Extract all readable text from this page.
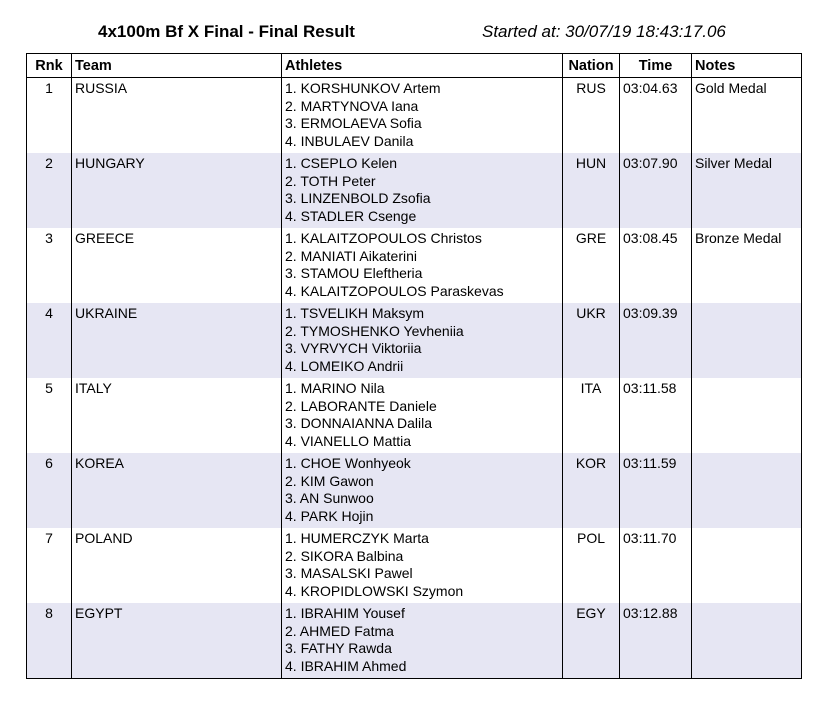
4x100m Bf X Final - Final Result	Started at: 30/07/19 18:43:17.06
Rnk	Team	Athletes	Nation	Time	Notes
1	RUSSIA	1. KORSHUNKOV Artem
2. MARTYNOVA Iana
3. ERMOLAEVA Sofia
4. INBULAEV Danila	RUS	03:04.63	Gold Medal
2	HUNGARY	1. CSEPLO Kelen
2. TOTH Peter
3. LINZENBOLD Zsofia
4. STADLER Csenge	HUN	03:07.90	Silver Medal
3	GREECE	1. KALAITZOPOULOS Christos
2. MANIATI Aikaterini
3. STAMOU Eleftheria
4. KALAITZOPOULOS Paraskevas	GRE	03:08.45	Bronze Medal
4	UKRAINE	1. TSVELIKH Maksym
2. TYMOSHENKO Yevheniia
3. VYRVYCH Viktoriia
4. LOMEIKO Andrii	UKR	03:09.39	
5	ITALY	1. MARINO Nila
2. LABORANTE Daniele
3. DONNAIANNA Dalila
4. VIANELLO Mattia	ITA	03:11.58	
6	KOREA	1. CHOE Wonhyeok
2. KIM Gawon
3. AN Sunwoo
4. PARK Hojin	KOR	03:11.59	
7	POLAND	1. HUMERCZYK Marta
2. SIKORA Balbina
3. MASALSKI Pawel
4. KROPIDLOWSKI Szymon	POL	03:11.70	
8	EGYPT	1. IBRAHIM Yousef
2. AHMED Fatma
3. FATHY Rawda
4. IBRAHIM Ahmed	EGY	03:12.88	
